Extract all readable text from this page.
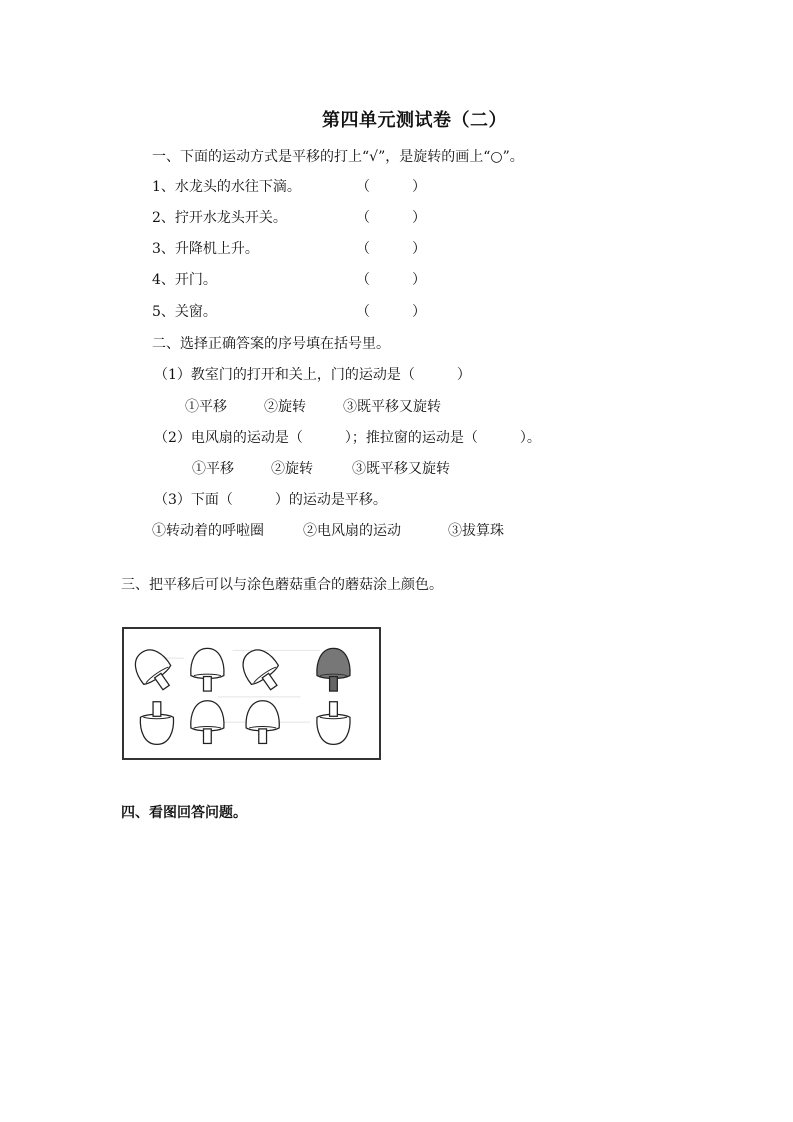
第四单元测试卷（二）
一、下面的运动方式是平移的打上“√”，是旋转的画上“○”。
1、水龙头的水往下滴。	（　　　）
2、拧开水龙头开关。	（　　　）
3、升降机上升。	（　　　）
4、开门。	（　　　）
5、关窗。	（　　　）
二、选择正确答案的序号填在括号里。
（1）教室门的打开和关上，门的运动是（　　　）
①平移	②旋转	③既平移又旋转
（2）电风扇的运动是（　　　）；推拉窗的运动是（　　　）。
①平移	②旋转	③既平移又旋转
（3）下面（　　　）的运动是平移。
①转动着的呼啦圈	②电风扇的运动	③拔算珠
三、把平移后可以与涂色蘑菇重合的蘑菇涂上颜色。
四、看图回答问题。
